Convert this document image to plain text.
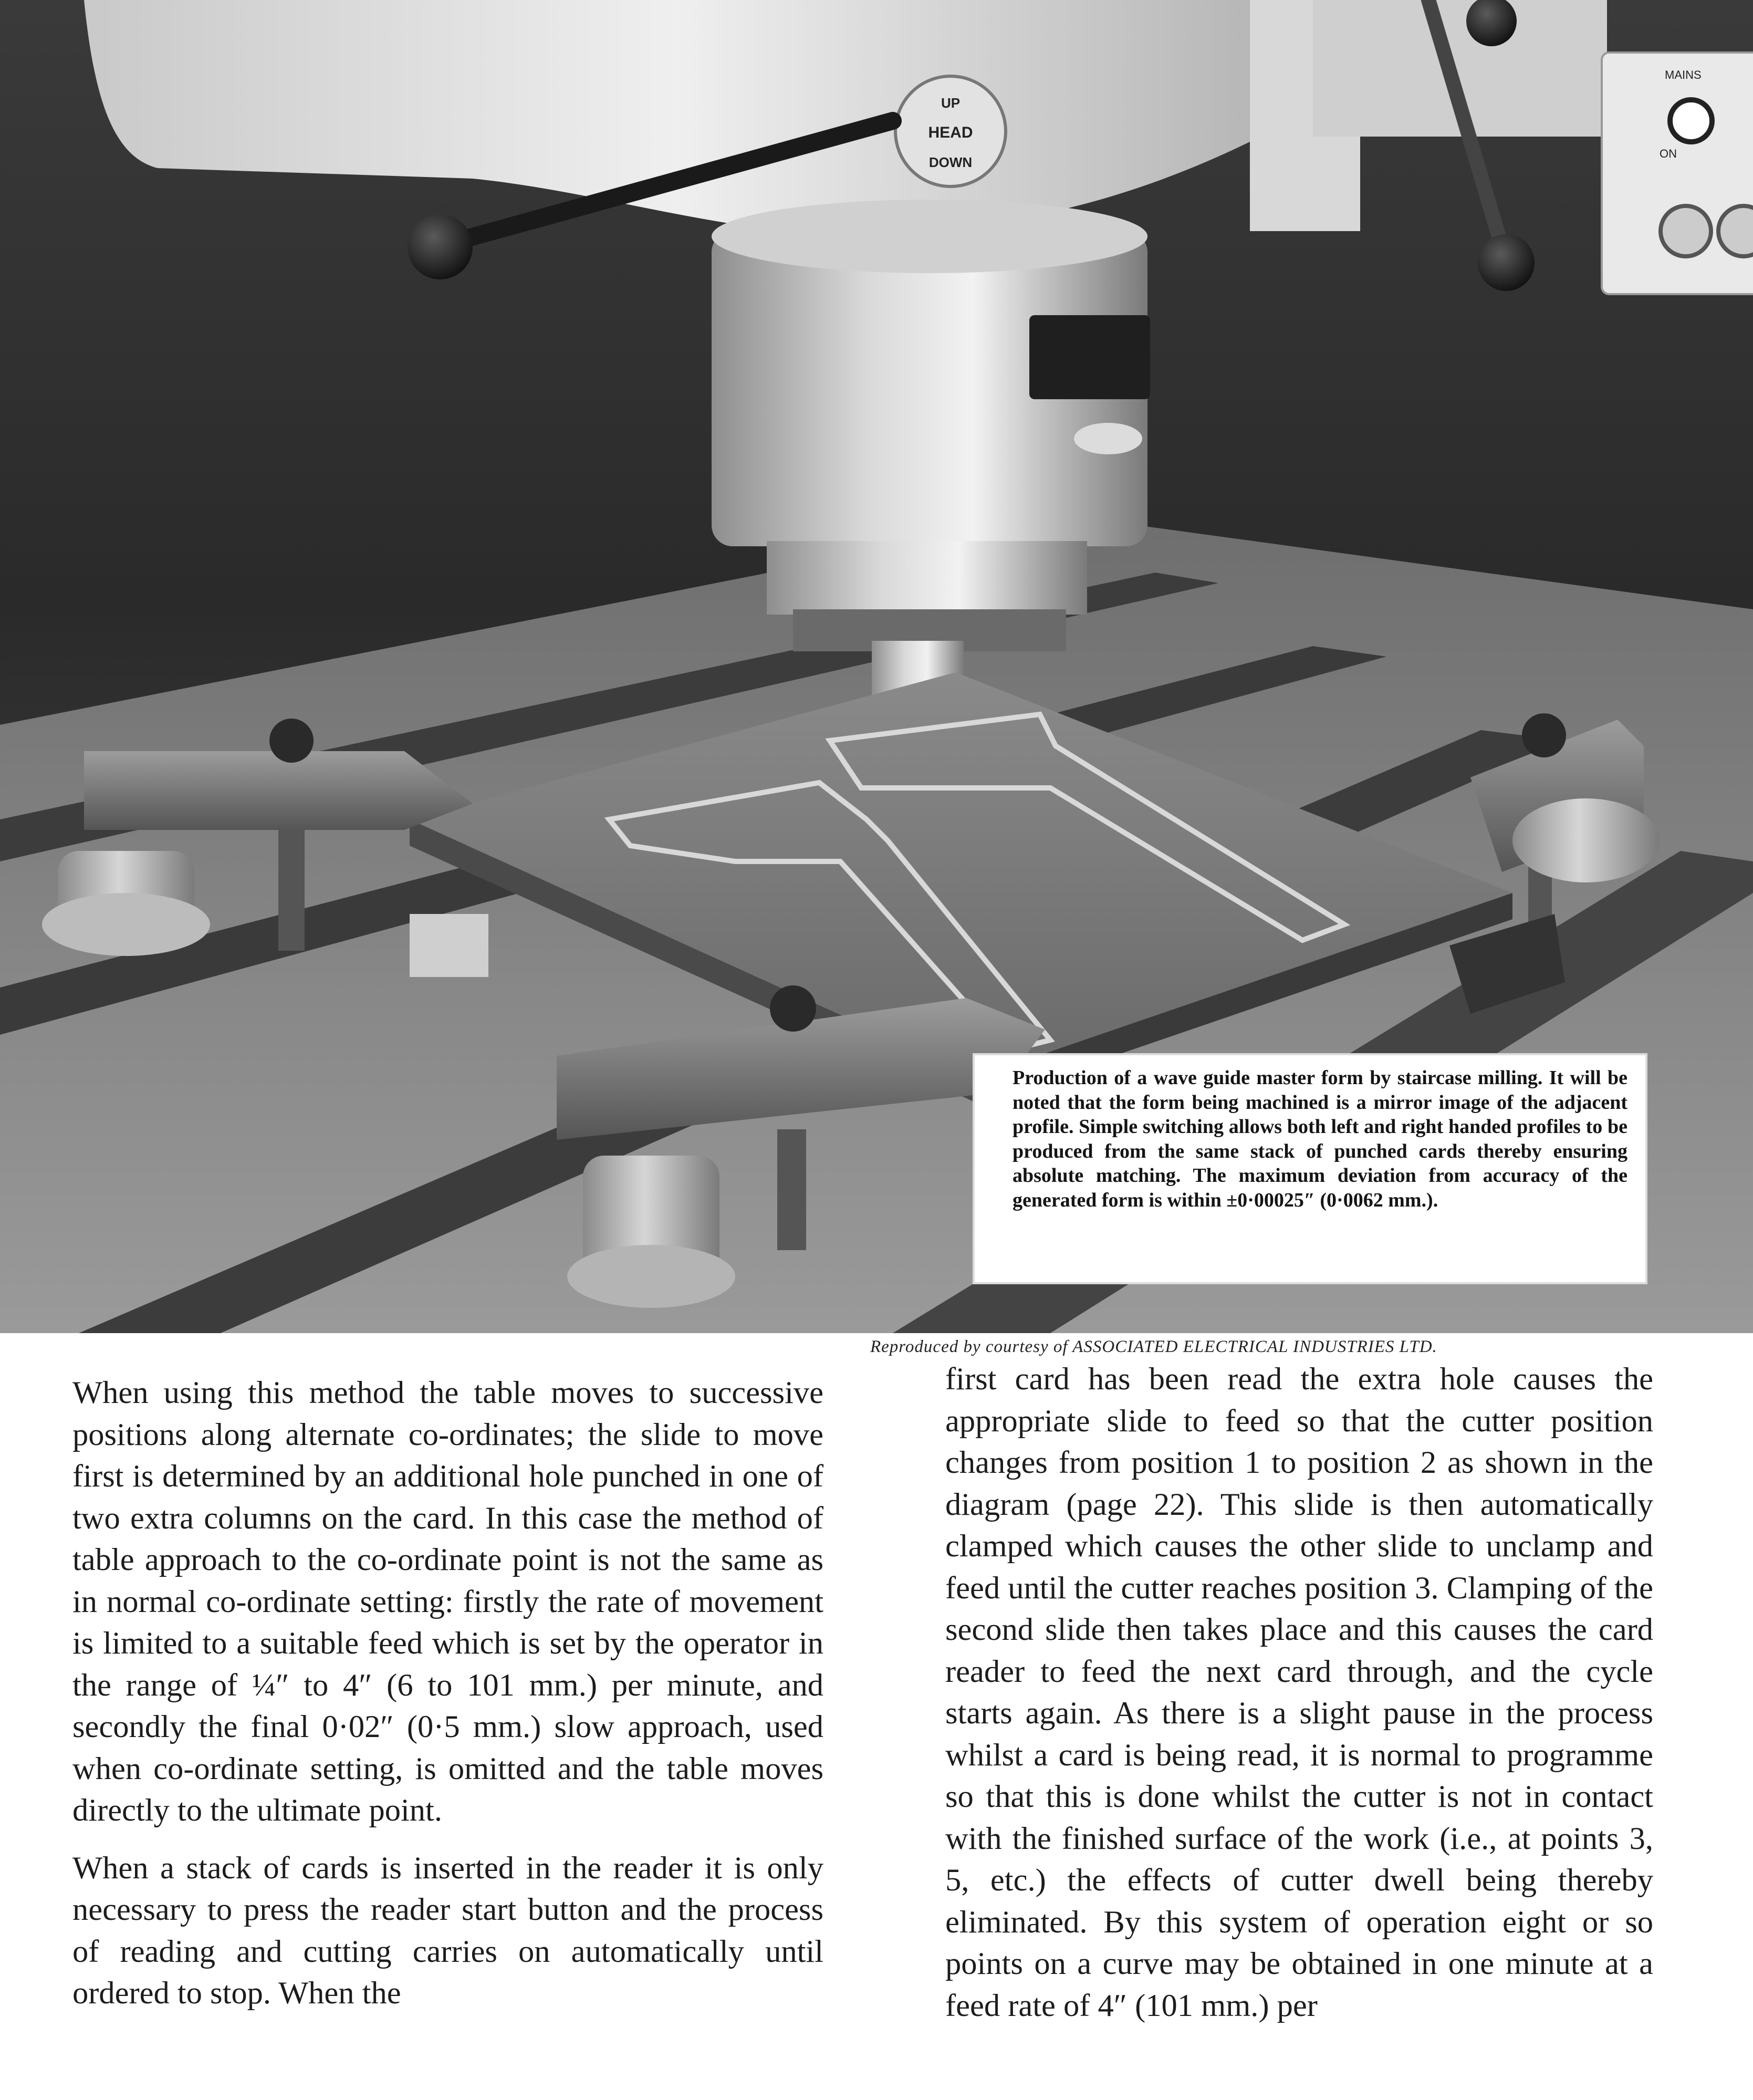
MAINS
ON
UP
HEAD
DOWN

Production of a wave guide master form by staircase milling. It will be noted that the form being machined is a mirror image of the adjacent profile. Simple switching allows both left and right handed profiles to be produced from the same stack of punched cards thereby ensuring absolute matching. The maximum deviation from accuracy of the generated form is within ±0·00025″ (0·0062 mm.).

Reproduced by courtesy of ASSOCIATED ELECTRICAL INDUSTRIES LTD.

When using this method the table moves to successive positions along alternate co-ordinates; the slide to move first is determined by an additional hole punched in one of two extra columns on the card. In this case the method of table approach to the co-ordinate point is not the same as in normal co-ordinate setting: firstly the rate of movement is limited to a suitable feed which is set by the operator in the range of ¼″ to 4″ (6 to 101 mm.) per minute, and secondly the final 0·02″ (0·5 mm.) slow approach, used when co-ordinate setting, is omitted and the table moves directly to the ultimate point.

When a stack of cards is inserted in the reader it is only necessary to press the reader start button and the process of reading and cutting carries on automatically until ordered to stop. When the

first card has been read the extra hole causes the appropriate slide to feed so that the cutter position changes from position 1 to position 2 as shown in the diagram (page 22). This slide is then automatically clamped which causes the other slide to unclamp and feed until the cutter reaches position 3. Clamping of the second slide then takes place and this causes the card reader to feed the next card through, and the cycle starts again. As there is a slight pause in the process whilst a card is being read, it is normal to programme so that this is done whilst the cutter is not in contact with the finished surface of the work (i.e., at points 3, 5, etc.) the effects of cutter dwell being thereby eliminated. By this system of operation eight or so points on a curve may be obtained in one minute at a feed rate of 4″ (101 mm.) per
